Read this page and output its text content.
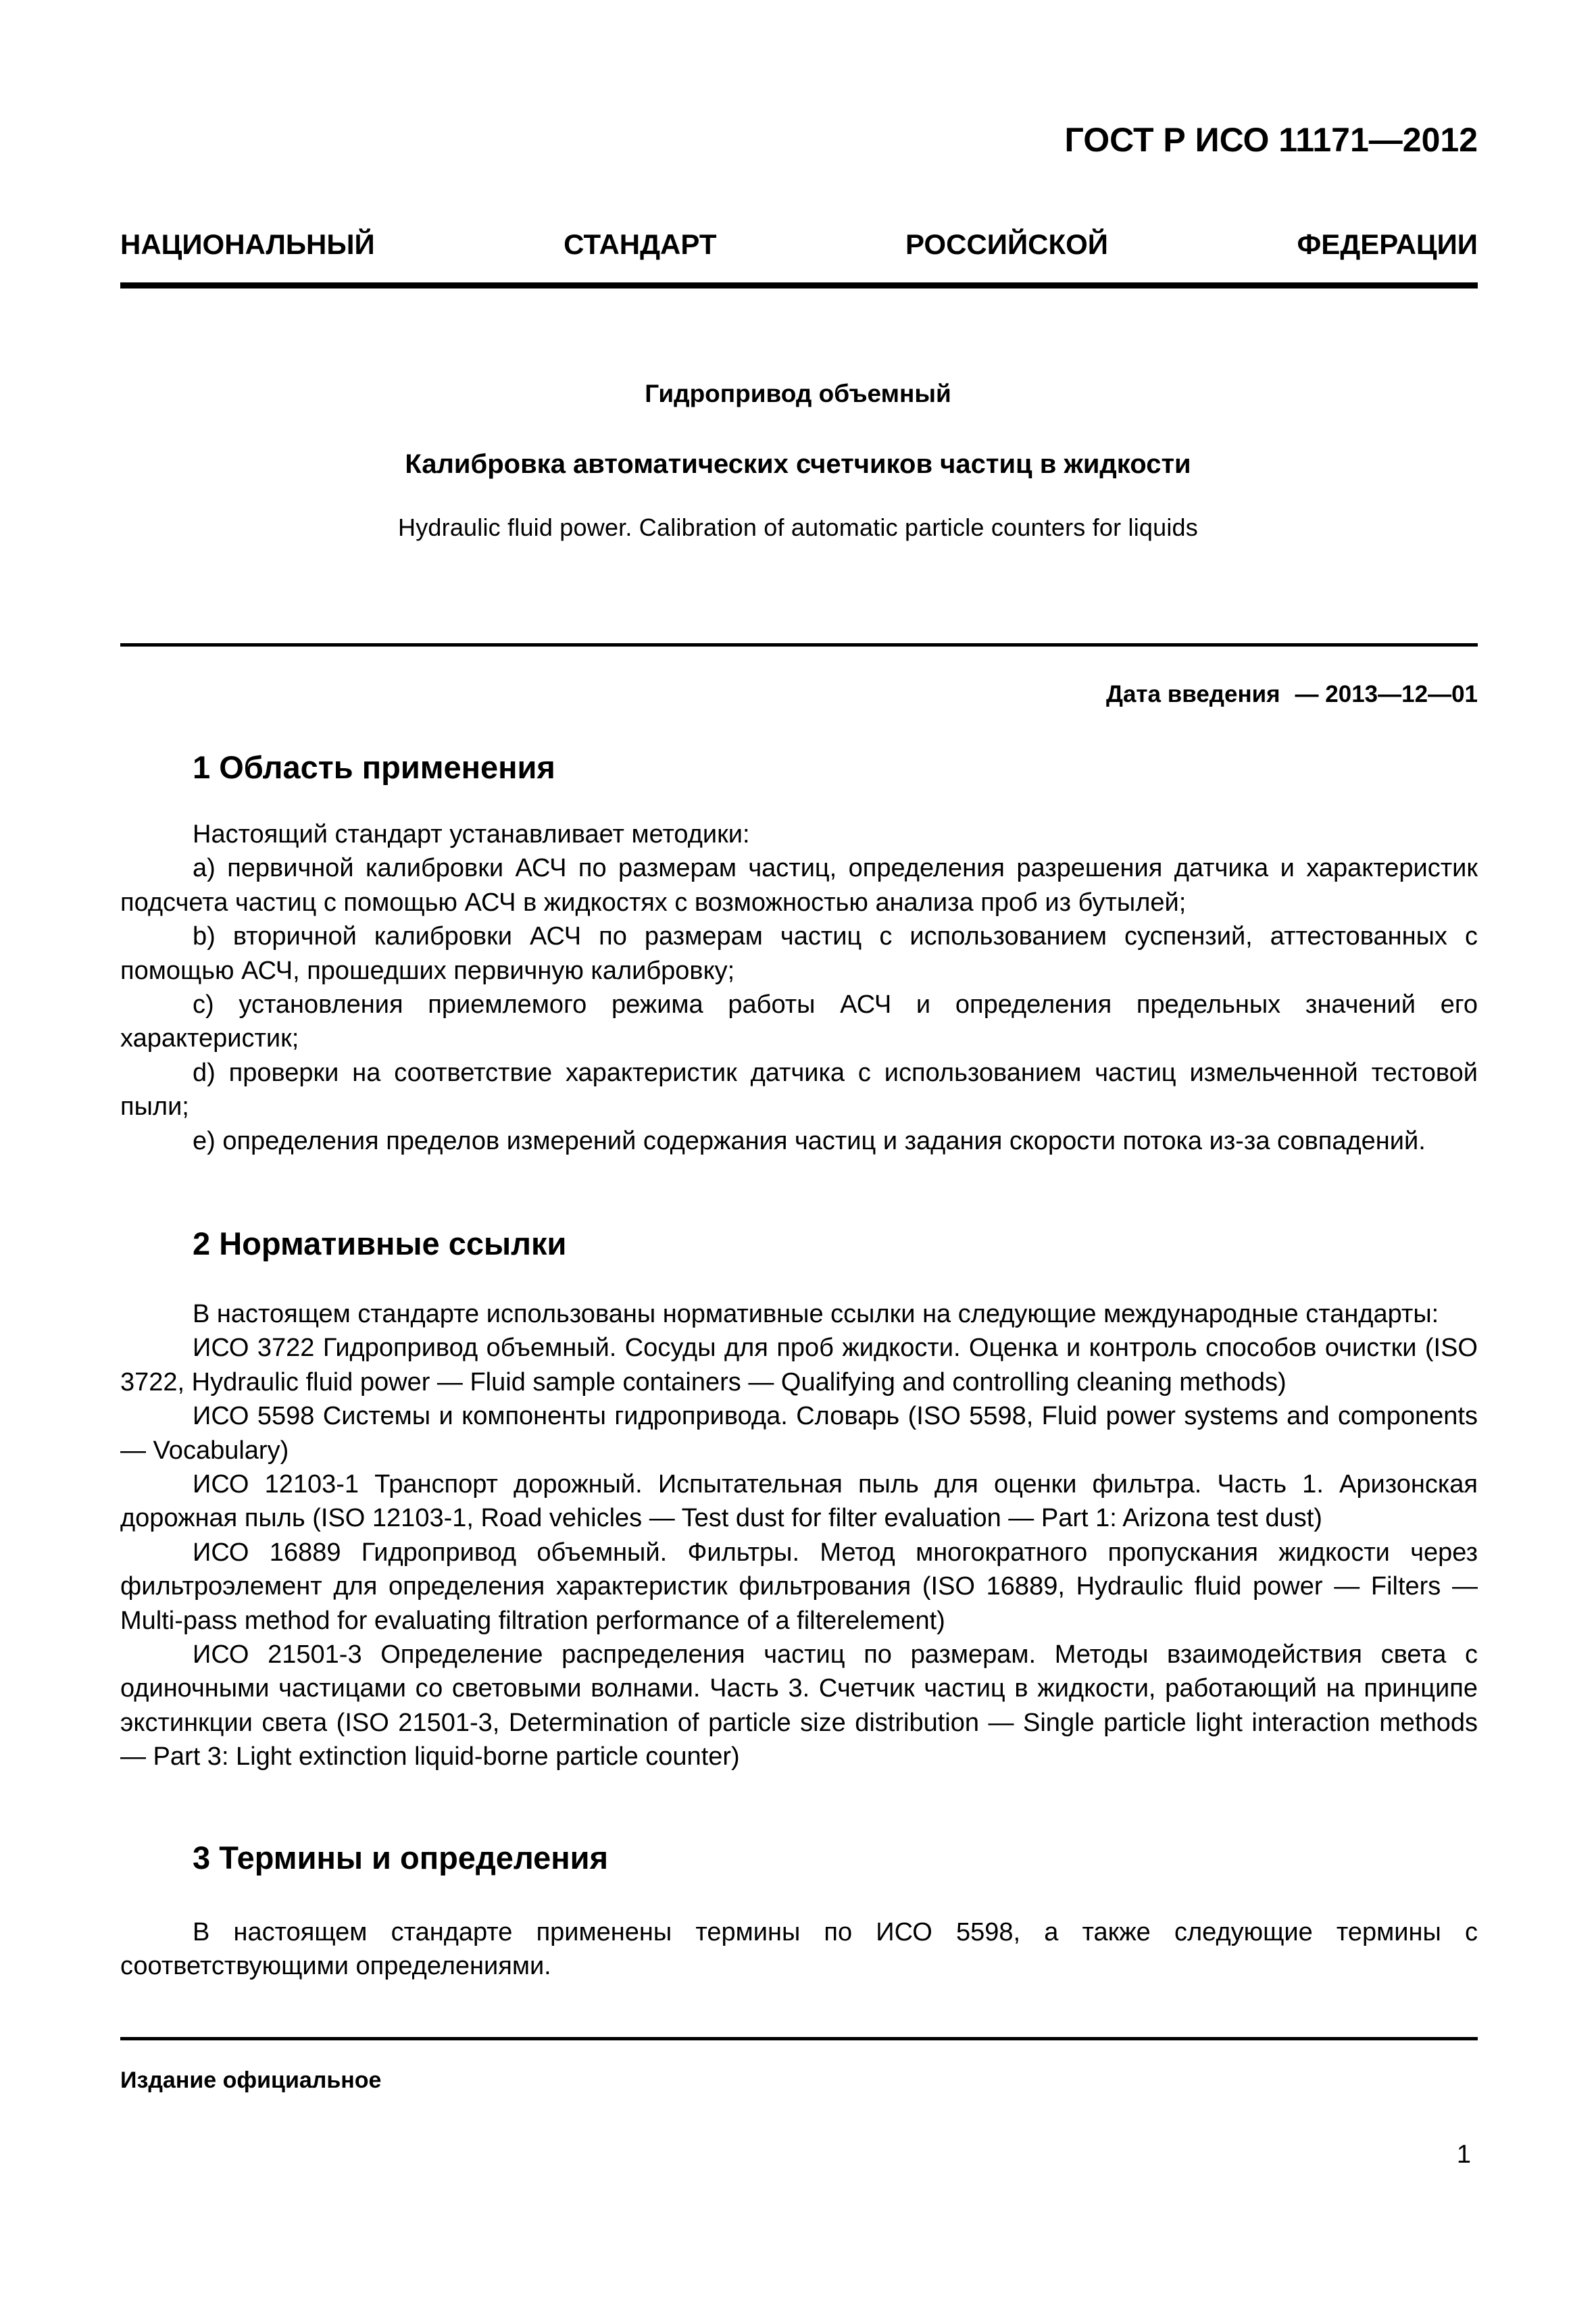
ГОСТ Р ИСО 11171—2012
НАЦИОНАЛЬНЫЙ	СТАНДАРТ	РОССИЙСКОЙ	ФЕДЕРАЦИИ
Гидропривод объемный
Калибровка автоматических счетчиков частиц в жидкости
Hydraulic fluid power. Calibration of automatic particle counters for liquids
Дата введения — 2013—12—01
1 Область применения

Настоящий стандарт устанавливает методики:

a) первичной калибровки АСЧ по размерам частиц, определения разрешения датчика и характеристик подсчета частиц с помощью АСЧ в жидкостях с возможностью анализа проб из бутылей;

b) вторичной калибровки АСЧ по размерам частиц с использованием суспензий, аттестованных с помощью АСЧ, прошедших первичную калибровку;

c) установления приемлемого режима работы АСЧ и определения предельных значений его характеристик;

d) проверки на соответствие характеристик датчика с использованием частиц измельченной тестовой пыли;

e) определения пределов измерений содержания частиц и задания скорости потока из-за совпадений.

2 Нормативные ссылки

В настоящем стандарте использованы нормативные ссылки на следующие международные стандарты:

ИСО 3722 Гидропривод объемный. Сосуды для проб жидкости. Оценка и контроль способов очистки (ISO 3722, Hydraulic fluid power — Fluid sample containers — Qualifying and controlling cleaning methods)

ИСО 5598 Системы и компоненты гидропривода. Словарь (ISO 5598, Fluid power systems and components — Vocabulary)

ИСО 12103-1 Транспорт дорожный. Испытательная пыль для оценки фильтра. Часть 1. Аризонская дорожная пыль (ISO 12103-1, Road vehicles — Test dust for filter evaluation — Part 1: Arizona test dust)

ИСО 16889 Гидропривод объемный. Фильтры. Метод многократного пропускания жидкости через фильтроэлемент для определения характеристик фильтрования (ISO 16889, Hydraulic fluid power — Filters — Multi-pass method for evaluating filtration performance of a filterelement)

ИСО 21501-3 Определение распределения частиц по размерам. Методы взаимодействия света с одиночными частицами со световыми волнами. Часть 3. Счетчик частиц в жидкости, работающий на принципе экстинкции света (ISO 21501-3, Determination of particle size distribution — Single particle light interaction methods — Part 3: Light extinction liquid-borne particle counter)

3 Термины и определения

В настоящем стандарте применены термины по ИСО 5598, а также следующие термины с соответствующими определениями.

Издание официальное
1
